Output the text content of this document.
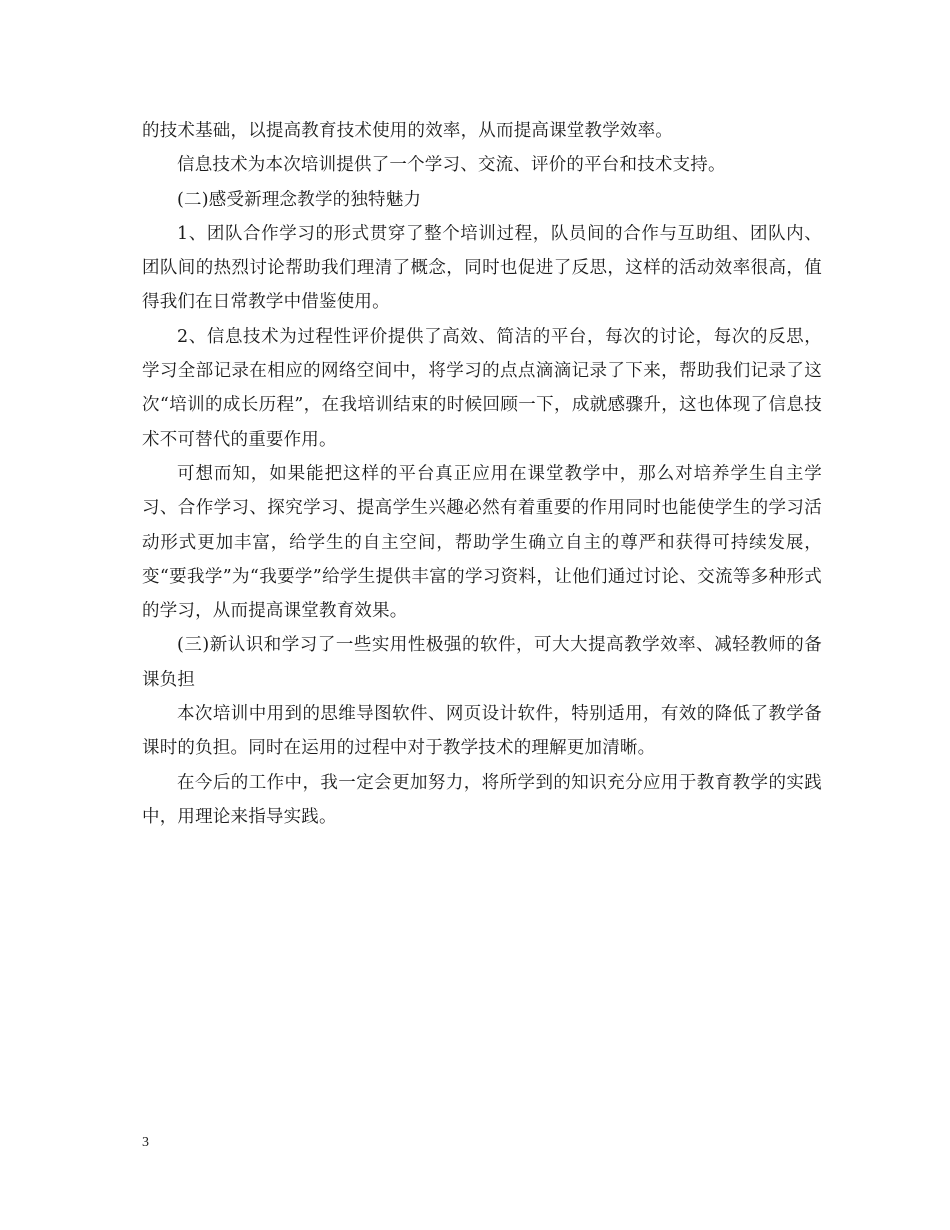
的技术基础，以提高教育技术使用的效率，从而提高课堂教学效率。

信息技术为本次培训提供了一个学习、交流、评价的平台和技术支持。

(二)感受新理念教学的独特魅力

1、团队合作学习的形式贯穿了整个培训过程，队员间的合作与互助组、团队内、团队间的热烈讨论帮助我们理清了概念，同时也促进了反思，这样的活动效率很高，值得我们在日常教学中借鉴使用。

2、信息技术为过程性评价提供了高效、简洁的平台，每次的讨论，每次的反思，学习全部记录在相应的网络空间中，将学习的点点滴滴记录了下来，帮助我们记录了这次“培训的成长历程”，在我培训结束的时候回顾一下，成就感骤升，这也体现了信息技术不可替代的重要作用。

可想而知，如果能把这样的平台真正应用在课堂教学中，那么对培养学生自主学习、合作学习、探究学习、提高学生兴趣必然有着重要的作用同时也能使学生的学习活动形式更加丰富，给学生的自主空间，帮助学生确立自主的尊严和获得可持续发展，变“要我学”为“我要学”给学生提供丰富的学习资料，让他们通过讨论、交流等多种形式的学习，从而提高课堂教育效果。

(三)新认识和学习了一些实用性极强的软件，可大大提高教学效率、减轻教师的备课负担

本次培训中用到的思维导图软件、网页设计软件，特别适用，有效的降低了教学备课时的负担。同时在运用的过程中对于教学技术的理解更加清晰。

在今后的工作中，我一定会更加努力，将所学到的知识充分应用于教育教学的实践中，用理论来指导实践。

3
